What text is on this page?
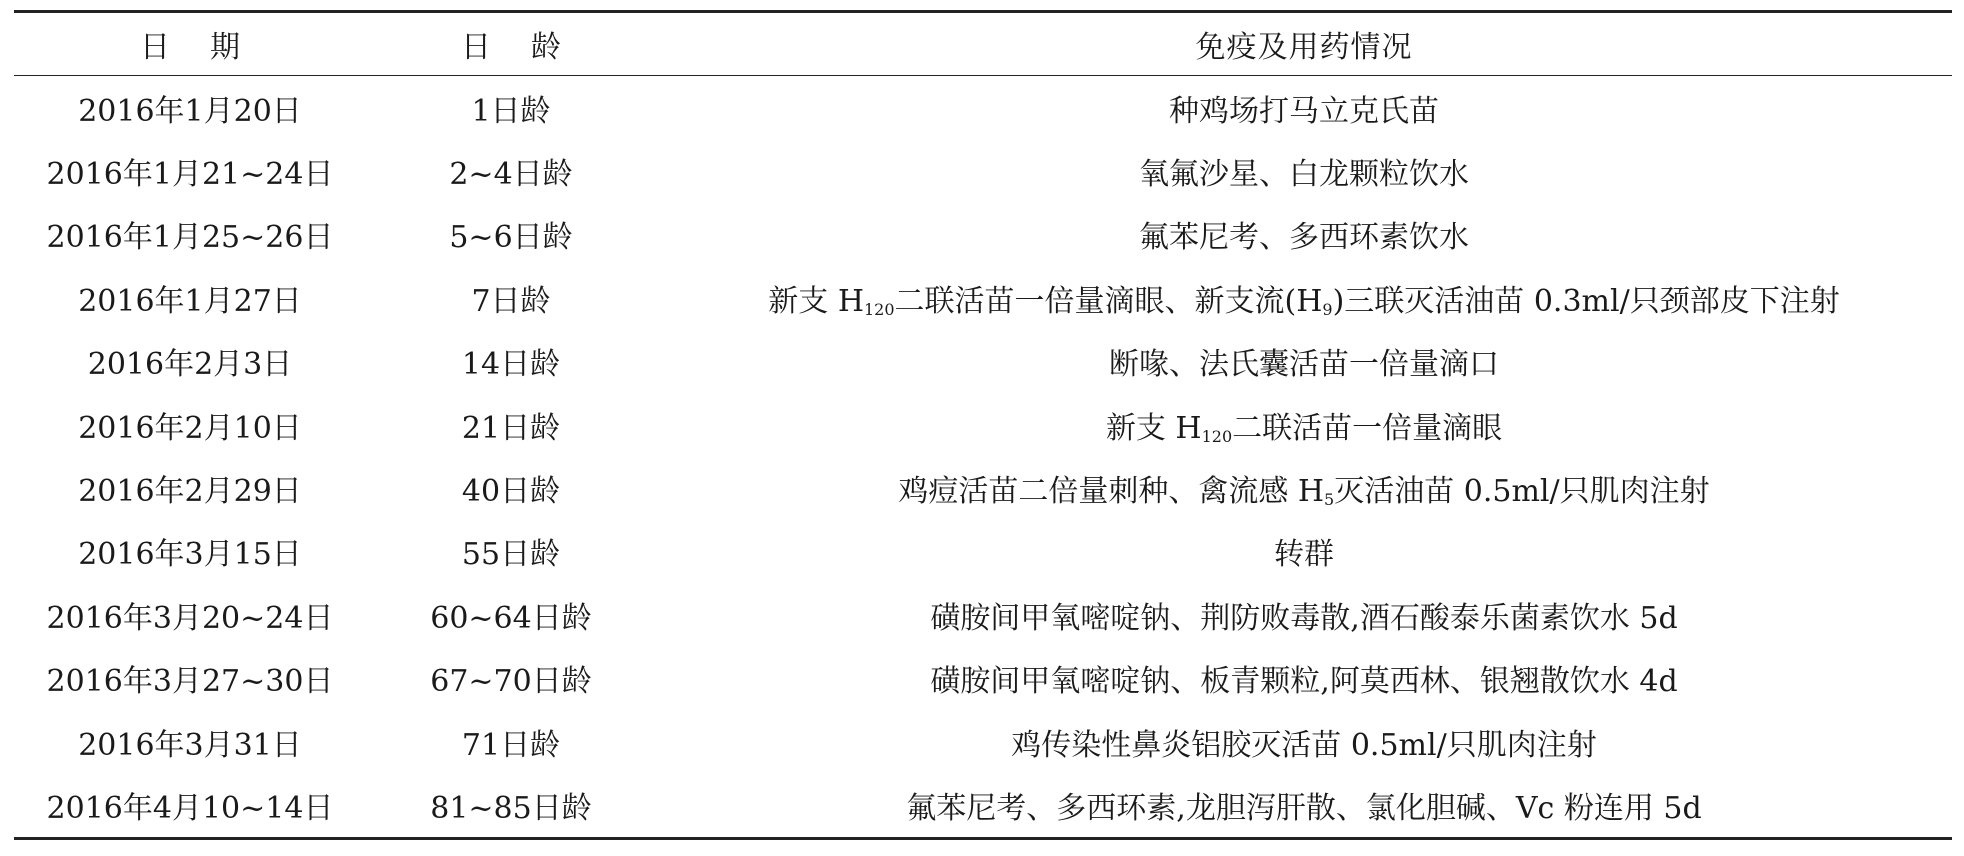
日期	日龄	免疫及用药情况
2016年1月20日	1日龄	种鸡场打马立克氏苗
2016年1月21~24日	2~4日龄	氧氟沙星、白龙颗粒饮水
2016年1月25~26日	5~6日龄	氟苯尼考、多西环素饮水
2016年1月27日	7日龄	新支 $H_{120}$二联活苗一倍量滴眼、新支流$(H_9)$三联灭活油苗 0.3ml/只颈部皮下注射
2016年2月3日	14日龄	断喙、法氏囊活苗一倍量滴口
2016年2月10日	21日龄	新支 $H_{120}$二联活苗一倍量滴眼
2016年2月29日	40日龄	鸡痘活苗二倍量刺种、禽流感 $H_5$灭活油苗 0.5ml/只肌肉注射
2016年3月15日	55日龄	转群
2016年3月20~24日	60~64日龄	磺胺间甲氧嘧啶钠、荆防败毒散,酒石酸泰乐菌素饮水 5d
2016年3月27~30日	67~70日龄	磺胺间甲氧嘧啶钠、板青颗粒,阿莫西林、银翘散饮水 4d
2016年3月31日	71日龄	鸡传染性鼻炎铝胶灭活苗 0.5ml/只肌肉注射
2016年4月10~14日	81~85日龄	氟苯尼考、多西环素,龙胆泻肝散、氯化胆碱、Vc 粉连用 5d
